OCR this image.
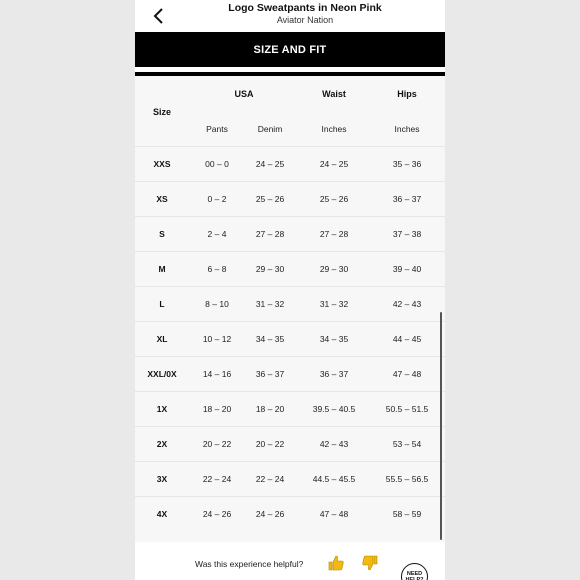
Logo Sweatpants in Neon Pink
Aviator Nation
SIZE AND FIT
Size
USA	Waist	Hips
Pants	Denim	Inches	Inches
XXS	00 – 0	24 – 25	24 – 25	35 – 36
XS	0 – 2	25 – 26	25 – 26	36 – 37
S	2 – 4	27 – 28	27 – 28	37 – 38
M	6 – 8	29 – 30	29 – 30	39 – 40
L	8 – 10	31 – 32	31 – 32	42 – 43
XL	10 – 12	34 – 35	34 – 35	44 – 45
XXL/0X	14 – 16	36 – 37	36 – 37	47 – 48
1X	18 – 20	18 – 20	39.5 – 40.5	50.5 – 51.5
2X	20 – 22	20 – 22	42 – 43	53 – 54
3X	22 – 24	22 – 24	44.5 – 45.5	55.5 – 56.5
4X	24 – 26	24 – 26	47 – 48	58 – 59
Was this experience helpful?
NEED
HELP?
